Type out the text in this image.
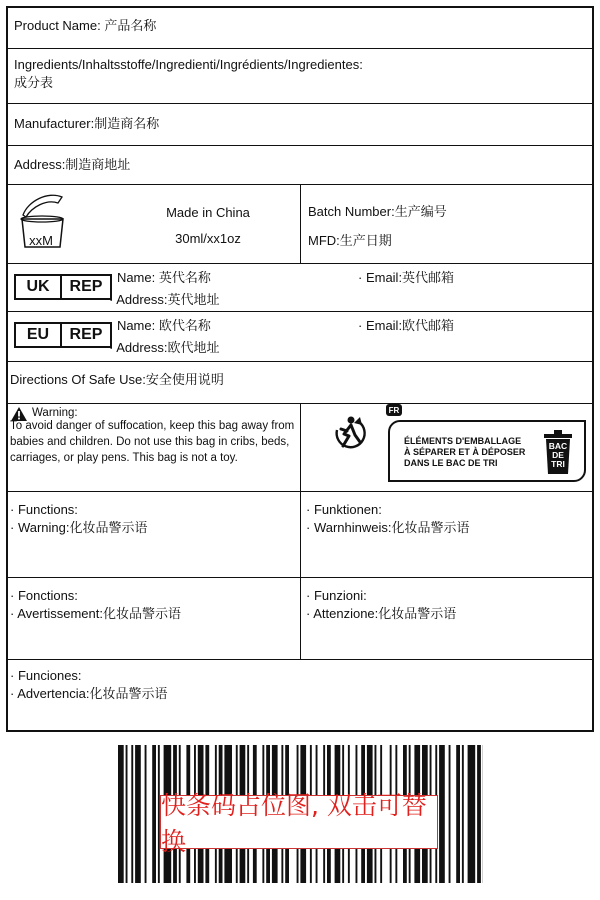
Product Name: 产品名称
Ingredients/Inhaltsstoffe/Ingredienti/Ingrédients/Ingredientes:
成分表
Manufacturer:制造商名称
Address:制造商地址
xxM
Made in China
30ml/xx1oz
Batch Number:生产编号
MFD:生产日期
UK	REP
· Name: 英代名称
· Address:英代地址
· Email:英代邮箱
EU	REP
· Name: 欧代名称
· Address:欧代地址
· Email:欧代邮箱
Directions Of Safe Use:安全使用说明
Warning:
To avoid danger of suffocation, keep this bag away from babies and children. Do not use this bag in cribs, beds, carriages, or play pens. This bag is not a toy.
FR
ÉLÉMENTS D'EMBALLAGE
À SÉPARER ET À DÉPOSER
DANS LE BAC DE TRI
BAC
DE
TRI
· Functions:
· Warning:化妆品警示语
· Funktionen:
· Warnhinweis:化妆品警示语
· Fonctions:
· Avertissement:化妆品警示语
· Funzioni:
· Attenzione:化妆品警示语
· Funciones:
· Advertencia:化妆品警示语
快条码占位图, 双击可替换
